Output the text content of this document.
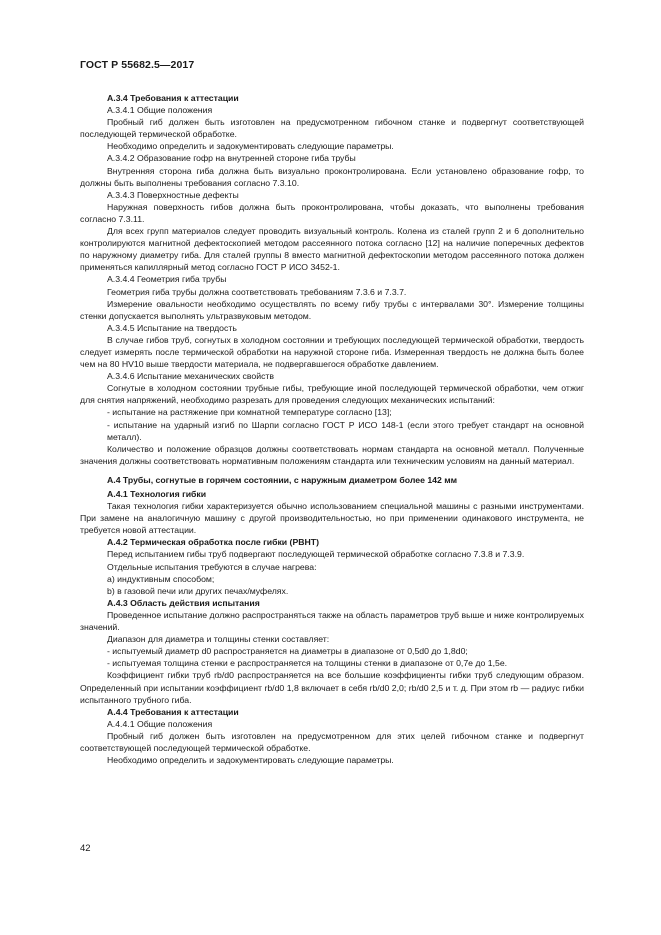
ГОСТ Р 55682.5—2017

А.3.4 Требования к аттестации

А.3.4.1 Общие положения

Пробный гиб должен быть изготовлен на предусмотренном гибочном станке и подвергнут соответствующей последующей термической обработке.

Необходимо определить и задокументировать следующие параметры.

А.3.4.2 Образование гофр на внутренней стороне гиба трубы

Внутренняя сторона гиба должна быть визуально проконтролирована. Если установлено образование гофр, то должны быть выполнены требования согласно 7.3.10.

А.3.4.3 Поверхностные дефекты

Наружная поверхность гибов должна быть проконтролирована, чтобы доказать, что выполнены требования согласно 7.3.11.

Для всех групп материалов следует проводить визуальный контроль. Колена из сталей групп 2 и 6 дополнительно контролируются магнитной дефектоскопией методом рассеянного потока согласно [12] на наличие поперечных дефектов по наружному диаметру гиба. Для сталей группы 8 вместо магнитной дефектоскопии методом рассеянного потока должен применяться капиллярный метод согласно ГОСТ Р ИСО 3452-1.

А.3.4.4 Геометрия гиба трубы

Геометрия гиба трубы должна соответствовать требованиям 7.3.6 и 7.3.7.

Измерение овальности необходимо осуществлять по всему гибу трубы с интервалами 30°. Измерение толщины стенки допускается выполнять ультразвуковым методом.

А.3.4.5 Испытание на твердость

В случае гибов труб, согнутых в холодном состоянии и требующих последующей термической обработки, твердость следует измерять после термической обработки на наружной стороне гиба. Измеренная твердость не должна быть более чем на 80 HV10 выше твердости материала, не подвергавшегося обработке давлением.

А.3.4.6 Испытание механических свойств

Согнутые в холодном состоянии трубные гибы, требующие иной последующей термической обработки, чем отжиг для снятия напряжений, необходимо разрезать для проведения следующих механических испытаний:

- испытание на растяжение при комнатной температуре согласно [13];

- испытание на ударный изгиб по Шарпи согласно ГОСТ Р ИСО 148-1 (если этого требует стандарт на основной металл).

Количество и положение образцов должны соответствовать нормам стандарта на основной металл. Полученные значения должны соответствовать нормативным положениям стандарта или техническим условиям на данный материал.

А.4 Трубы, согнутые в горячем состоянии, с наружным диаметром более 142 мм

А.4.1 Технология гибки

Такая технология гибки характеризуется обычно использованием специальной машины с разными инструментами. При замене на аналогичную машину с другой производительностью, но при применении одинакового инструмента, не требуется новой аттестации.

А.4.2 Термическая обработка после гибки (PBHT)

Перед испытанием гибы труб подвергают последующей термической обработке согласно 7.3.8 и 7.3.9.

Отдельные испытания требуются в случае нагрева:

а) индуктивным способом;

b) в газовой печи или других печах/муфелях.

А.4.3 Область действия испытания

Проведенное испытание должно распространяться также на область параметров труб выше и ниже контролируемых значений.

Диапазон для диаметра и толщины стенки составляет:

- испытуемый диаметр d0 распространяется на диаметры в диапазоне от 0,5d0 до 1,8d0;

- испытуемая толщина стенки e распространяется на толщины стенки в диапазоне от 0,7e до 1,5e.

Коэффициент гибки труб rb/d0 распространяется на все большие коэффициенты гибки труб следующим образом. Определенный при испытании коэффициент rb/d0 1,8 включает в себя rb/d0 2,0; rb/d0 2,5 и т. д. При этом rb — радиус гибки испытанного трубного гиба.

А.4.4 Требования к аттестации

А.4.4.1 Общие положения

Пробный гиб должен быть изготовлен на предусмотренном для этих целей гибочном станке и подвергнут соответствующей последующей термической обработке.

Необходимо определить и задокументировать следующие параметры.

42
